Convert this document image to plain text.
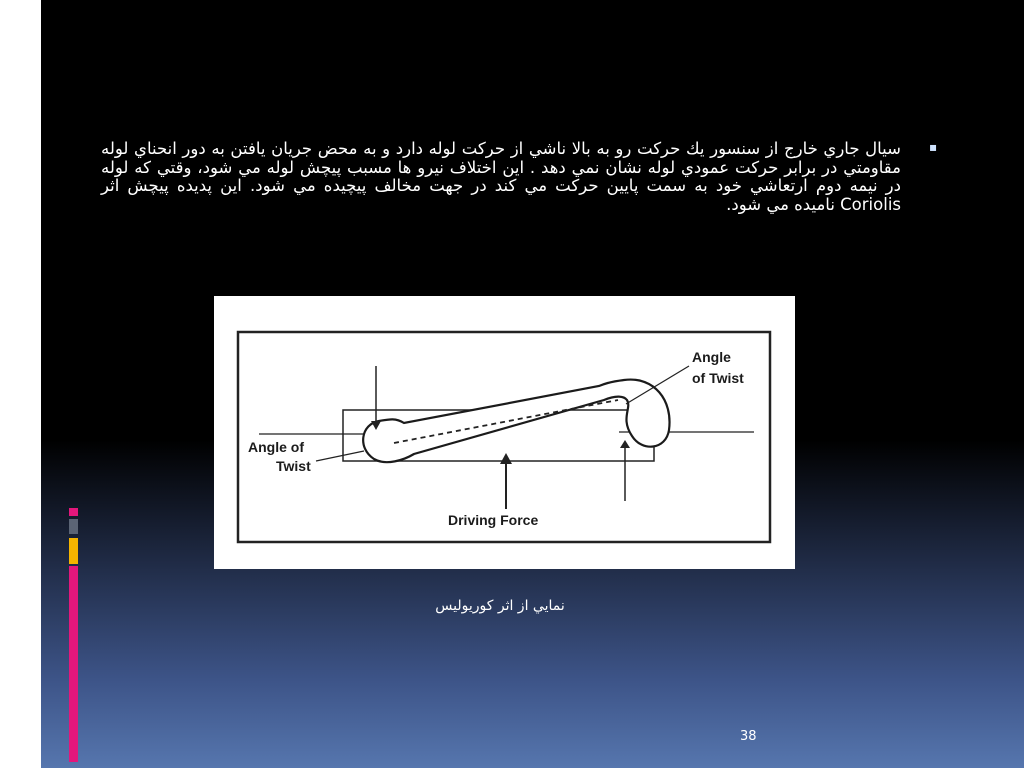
▪
سيال جاري خارج از سنسور يك حركت رو به بالا ناشي از حركت لوله دارد و به محض جريان يافتن به دور انحناي لوله مقاومتي در برابر حركت عمودي لوله نشان نمي دهد . اين اختلاف نيرو ها مسبب پيچش لوله مي شود، وقتي كه لوله در نيمه دوم ارتعاشي خود به سمت پايين حركت مي كند در جهت مخالف پيچيده مي شود. اين پديده پيچش اثر Coriolis ناميده مي شود.
Angle
of Twist
Angle of
Twist
Driving Force
نمايي از اثر كوريوليس
38
